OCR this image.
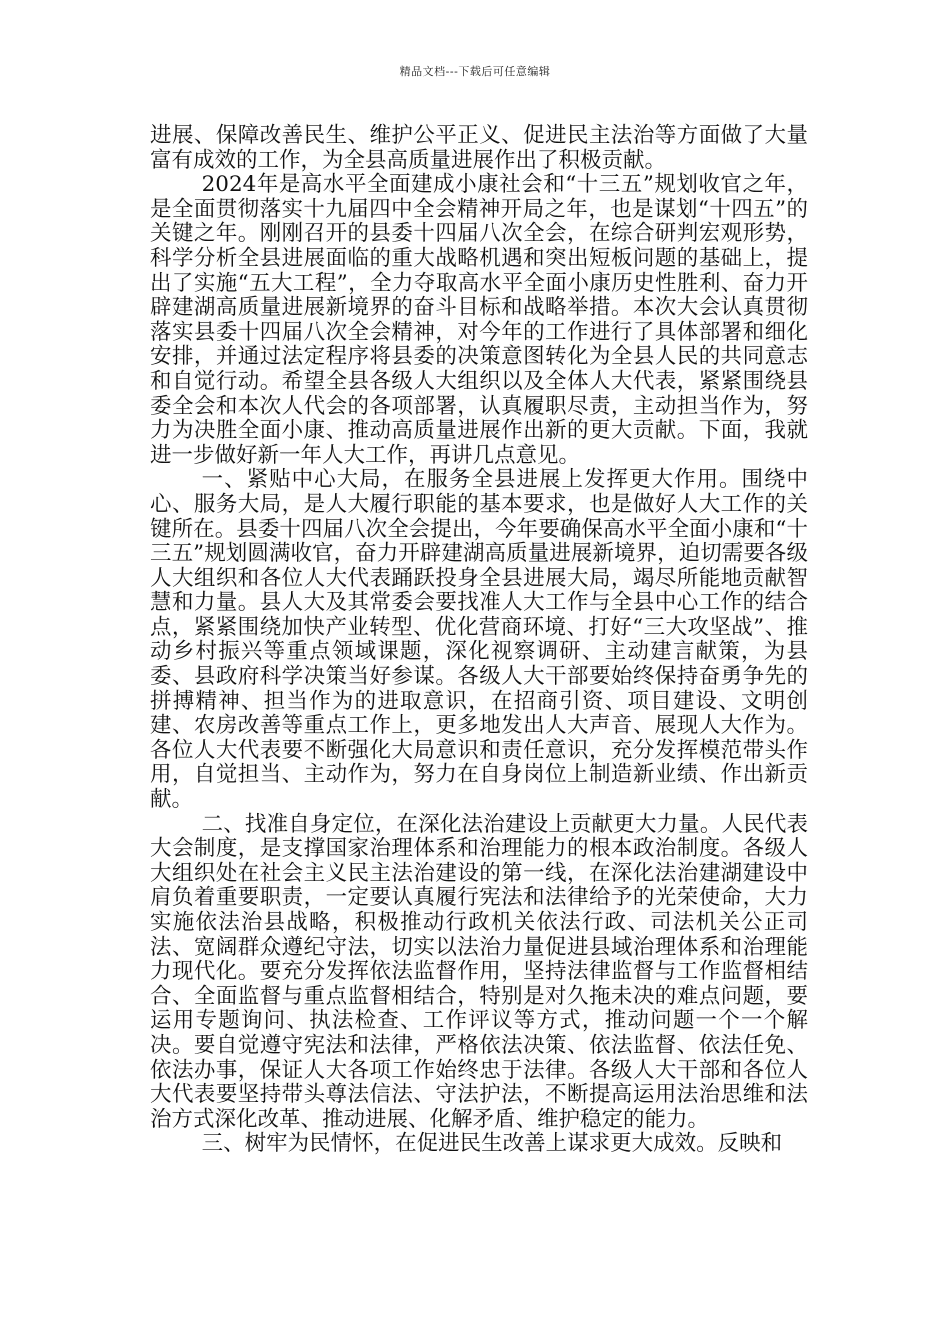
精品文档---下载后可任意编辑

进展、保障改善民生、维护公平正义、促进民主法治等方面做了大量富有成效的工作，为全县高质量进展作出了积极贡献。

2024年是高水平全面建成小康社会和“十三五”规划收官之年，是全面贯彻落实十九届四中全会精神开局之年，也是谋划“十四五”的关键之年。刚刚召开的县委十四届八次全会，在综合研判宏观形势，科学分析全县进展面临的重大战略机遇和突出短板问题的基础上，提出了实施“五大工程”，全力夺取高水平全面小康历史性胜利、奋力开辟建湖高质量进展新境界的奋斗目标和战略举措。本次大会认真贯彻落实县委十四届八次全会精神，对今年的工作进行了具体部署和细化安排，并通过法定程序将县委的决策意图转化为全县人民的共同意志和自觉行动。希望全县各级人大组织以及全体人大代表，紧紧围绕县委全会和本次人代会的各项部署，认真履职尽责，主动担当作为，努力为决胜全面小康、推动高质量进展作出新的更大贡献。下面，我就进一步做好新一年人大工作，再讲几点意见。

一、紧贴中心大局，在服务全县进展上发挥更大作用。围绕中心、服务大局，是人大履行职能的基本要求，也是做好人大工作的关键所在。县委十四届八次全会提出，今年要确保高水平全面小康和“十三五”规划圆满收官，奋力开辟建湖高质量进展新境界，迫切需要各级人大组织和各位人大代表踊跃投身全县进展大局，竭尽所能地贡献智慧和力量。县人大及其常委会要找准人大工作与全县中心工作的结合点，紧紧围绕加快产业转型、优化营商环境、打好“三大攻坚战”、推动乡村振兴等重点领域课题，深化视察调研、主动建言献策，为县委、县政府科学决策当好参谋。各级人大干部要始终保持奋勇争先的拼搏精神、担当作为的进取意识，在招商引资、项目建设、文明创建、农房改善等重点工作上，更多地发出人大声音、展现人大作为。各位人大代表要不断强化大局意识和责任意识，充分发挥模范带头作用，自觉担当、主动作为，努力在自身岗位上制造新业绩、作出新贡献。

二、找准自身定位，在深化法治建设上贡献更大力量。人民代表大会制度，是支撑国家治理体系和治理能力的根本政治制度。各级人大组织处在社会主义民主法治建设的第一线，在深化法治建湖建设中肩负着重要职责，一定要认真履行宪法和法律给予的光荣使命，大力实施依法治县战略，积极推动行政机关依法行政、司法机关公正司法、宽阔群众遵纪守法，切实以法治力量促进县域治理体系和治理能力现代化。要充分发挥依法监督作用，坚持法律监督与工作监督相结合、全面监督与重点监督相结合，特别是对久拖未决的难点问题，要运用专题询问、执法检查、工作评议等方式，推动问题一个一个解决。要自觉遵守宪法和法律，严格依法决策、依法监督、依法任免、依法办事，保证人大各项工作始终忠于法律。各级人大干部和各位人大代表要坚持带头尊法信法、守法护法，不断提高运用法治思维和法治方式深化改革、推动进展、化解矛盾、维护稳定的能力。

三、树牢为民情怀，在促进民生改善上谋求更大成效。反映和
